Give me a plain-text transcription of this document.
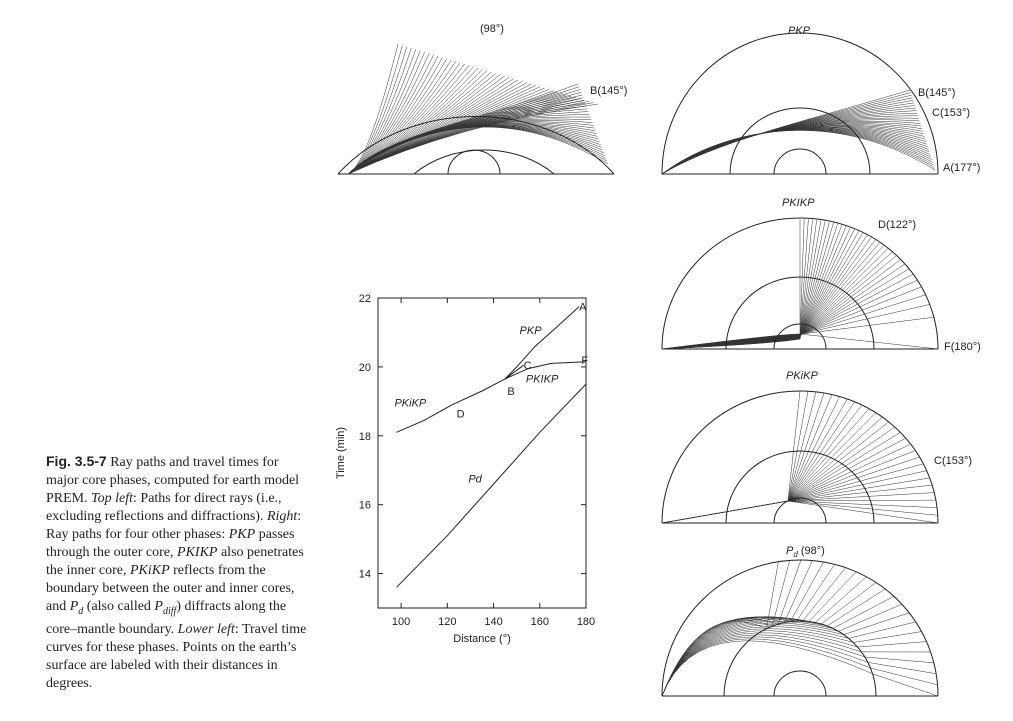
(98°)
B(145°)
PKP
B(145°)
C(153°)
A(177°)
PKIKP
D(122°)
F(180°)
PKiKP
C(153°)
$P_d$ (98°)
100	120	140	160	180
14
16
18
20
22
Distance (°)
Time (min)
A
B
C
D
F
PKP
PKIKP
PKiKP
Pd
Fig. 3.5-7 Ray paths and travel times for major core phases, computed for earth model PREM. Top left: Paths for direct rays (i.e., excluding reflections and diffractions). Right: Ray paths for four other phases: PKP passes through the outer core, PKIKP also penetrates the inner core, PKiKP reflects from the boundary between the outer and inner cores, and $P_d$ (also called $P_{diff}$) diffracts along the core–mantle boundary. Lower left: Travel time curves for these phases. Points on the earth’s surface are labeled with their distances in degrees.
